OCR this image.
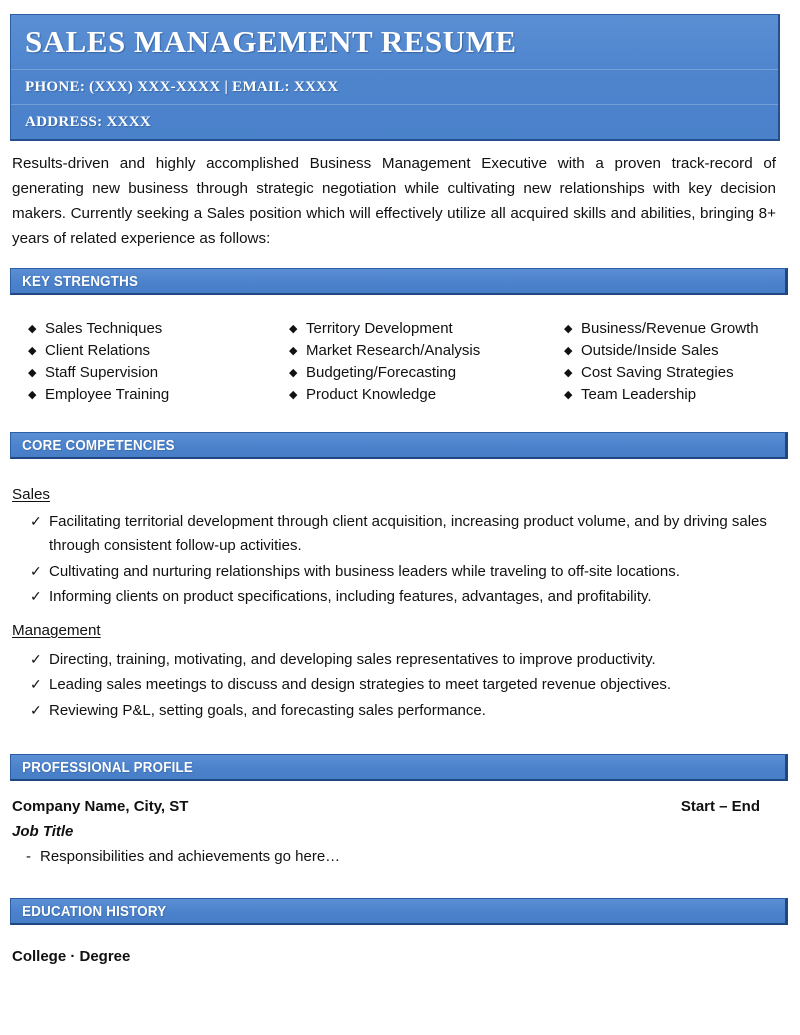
SALES MANAGEMENT RESUME
PHONE: (XXX) XXX-XXXX | EMAIL: XXXX
ADDRESS: XXXX
Results-driven and highly accomplished Business Management Executive with a proven track-record of generating new business through strategic negotiation while cultivating new relationships with key decision makers. Currently seeking a Sales position which will effectively utilize all acquired skills and abilities, bringing 8+ years of related experience as follows:
KEY STRENGTHS
◆ Sales Techniques
◆ Client Relations
◆ Staff Supervision
◆ Employee Training
◆ Territory Development
◆ Market Research/Analysis
◆ Budgeting/Forecasting
◆ Product Knowledge
◆ Business/Revenue Growth
◆ Outside/Inside Sales
◆ Cost Saving Strategies
◆ Team Leadership
CORE COMPETENCIES
Sales
✓ Facilitating territorial development through client acquisition, increasing product volume, and by driving sales through consistent follow-up activities.
✓ Cultivating and nurturing relationships with business leaders while traveling to off-site locations.
✓ Informing clients on product specifications, including features, advantages, and profitability.
Management
✓ Directing, training, motivating, and developing sales representatives to improve productivity.
✓ Leading sales meetings to discuss and design strategies to meet targeted revenue objectives.
✓ Reviewing P&L, setting goals, and forecasting sales performance.
PROFESSIONAL PROFILE
Company Name, City, ST	Start – End
Job Title
- Responsibilities and achievements go here…
EDUCATION HISTORY
College · Degree
